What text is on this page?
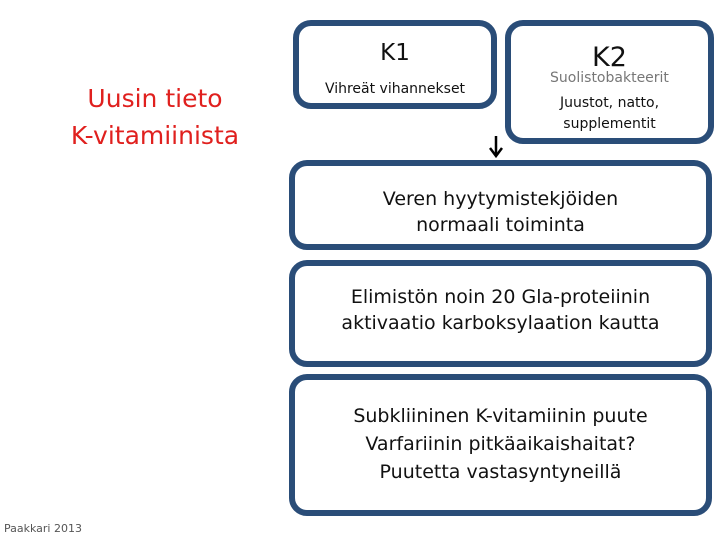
Uusin tieto
K-vitamiinista
K1
Vihreät vihannekset
K2
Suolistobakteerit
Juustot, natto,
supplementit
Veren hyytymistekjöiden
normaali toiminta
Elimistön noin 20 Gla-proteiinin
aktivaatio karboksylaation kautta
Subkliininen K-vitamiinin puute
Varfariinin pitkäaikaishaitat?
Puutetta vastasyntyneillä
Paakkari 2013
